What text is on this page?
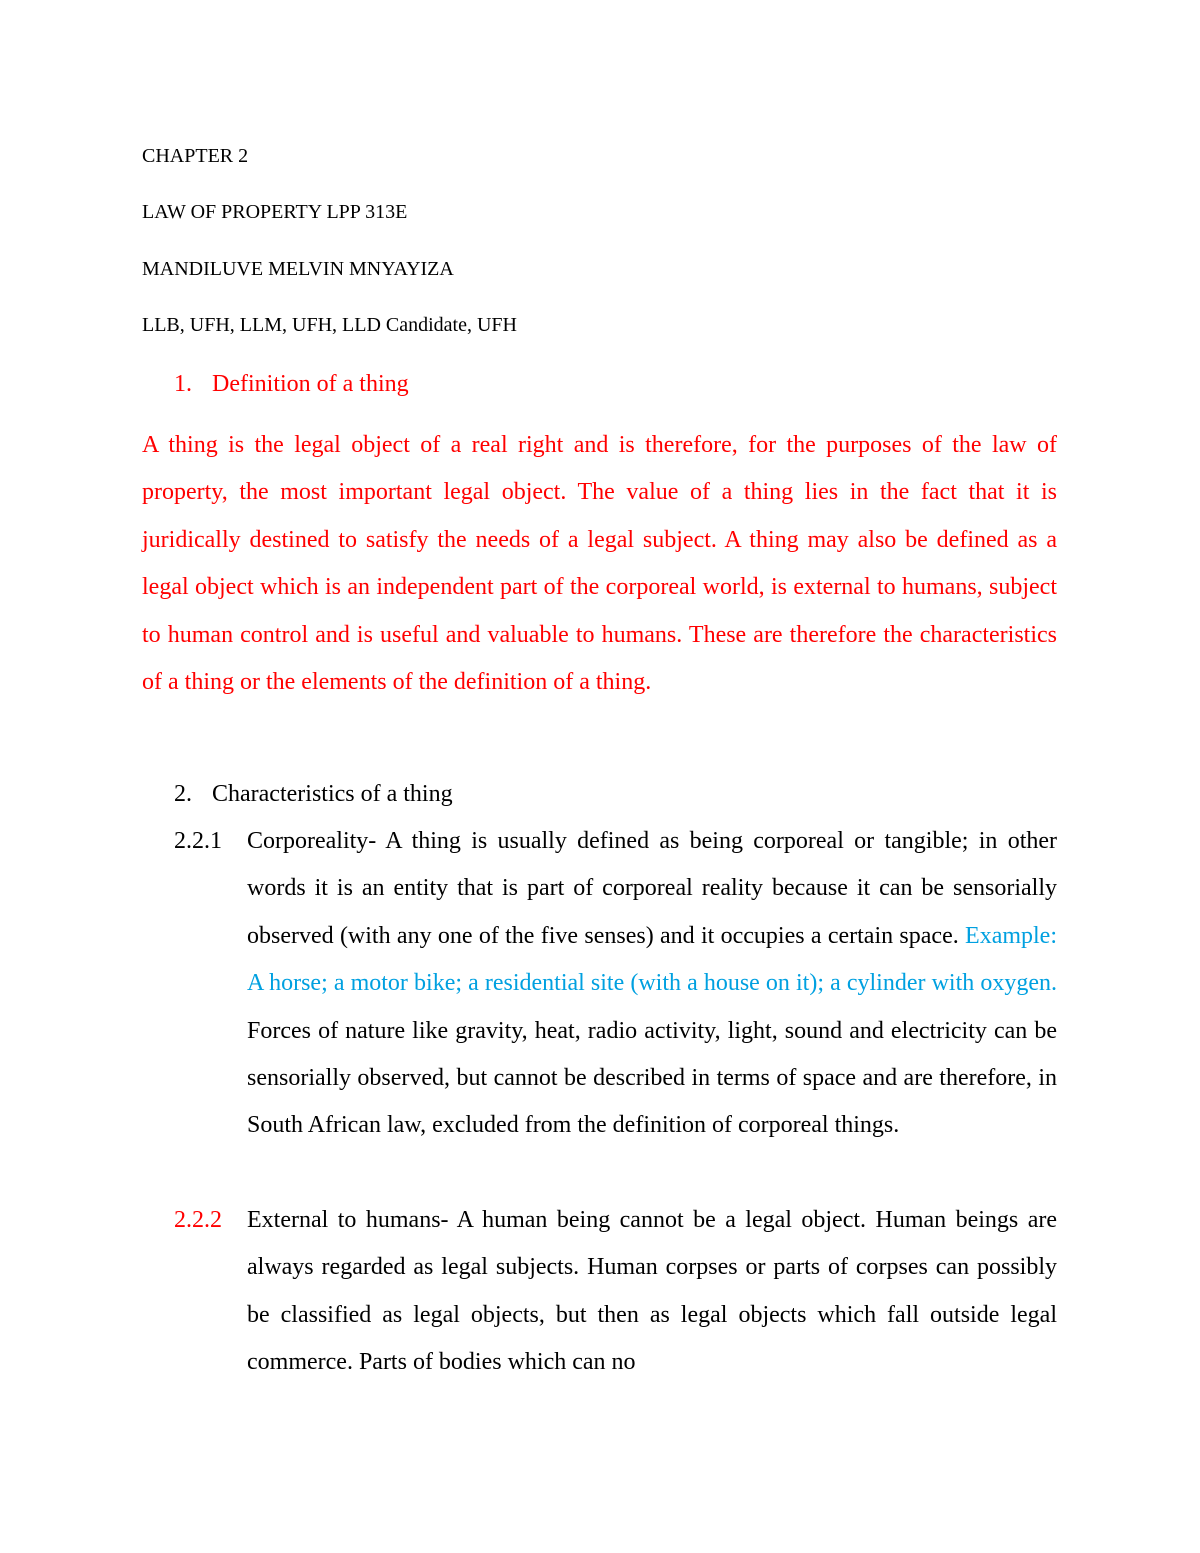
CHAPTER 2
LAW OF PROPERTY LPP 313E
MANDILUVE MELVIN MNYAYIZA
LLB, UFH, LLM, UFH, LLD Candidate, UFH
1. Definition of a thing

A thing is the legal object of a real right and is therefore, for the purposes of the law of property, the most important legal object. The value of a thing lies in the fact that it is juridically destined to satisfy the needs of a legal subject. A thing may also be defined as a legal object which is an independent part of the corporeal world, is external to humans, subject to human control and is useful and valuable to humans. These are therefore the characteristics of a thing or the elements of the definition of a thing.

2. Characteristics of a thing
2.2.1 Corporeality- A thing is usually defined as being corporeal or tangible; in other words it is an entity that is part of corporeal reality because it can be sensorially observed (with any one of the five senses) and it occupies a certain space. Example: A horse; a motor bike; a residential site (with a house on it); a cylinder with oxygen. Forces of nature like gravity, heat, radio activity, light, sound and electricity can be sensorially observed, but cannot be described in terms of space and are therefore, in South African law, excluded from the definition of corporeal things.

2.2.2 External to humans- A human being cannot be a legal object. Human beings are always regarded as legal subjects. Human corpses or parts of corpses can possibly be classified as legal objects, but then as legal objects which fall outside legal commerce. Parts of bodies which can no
